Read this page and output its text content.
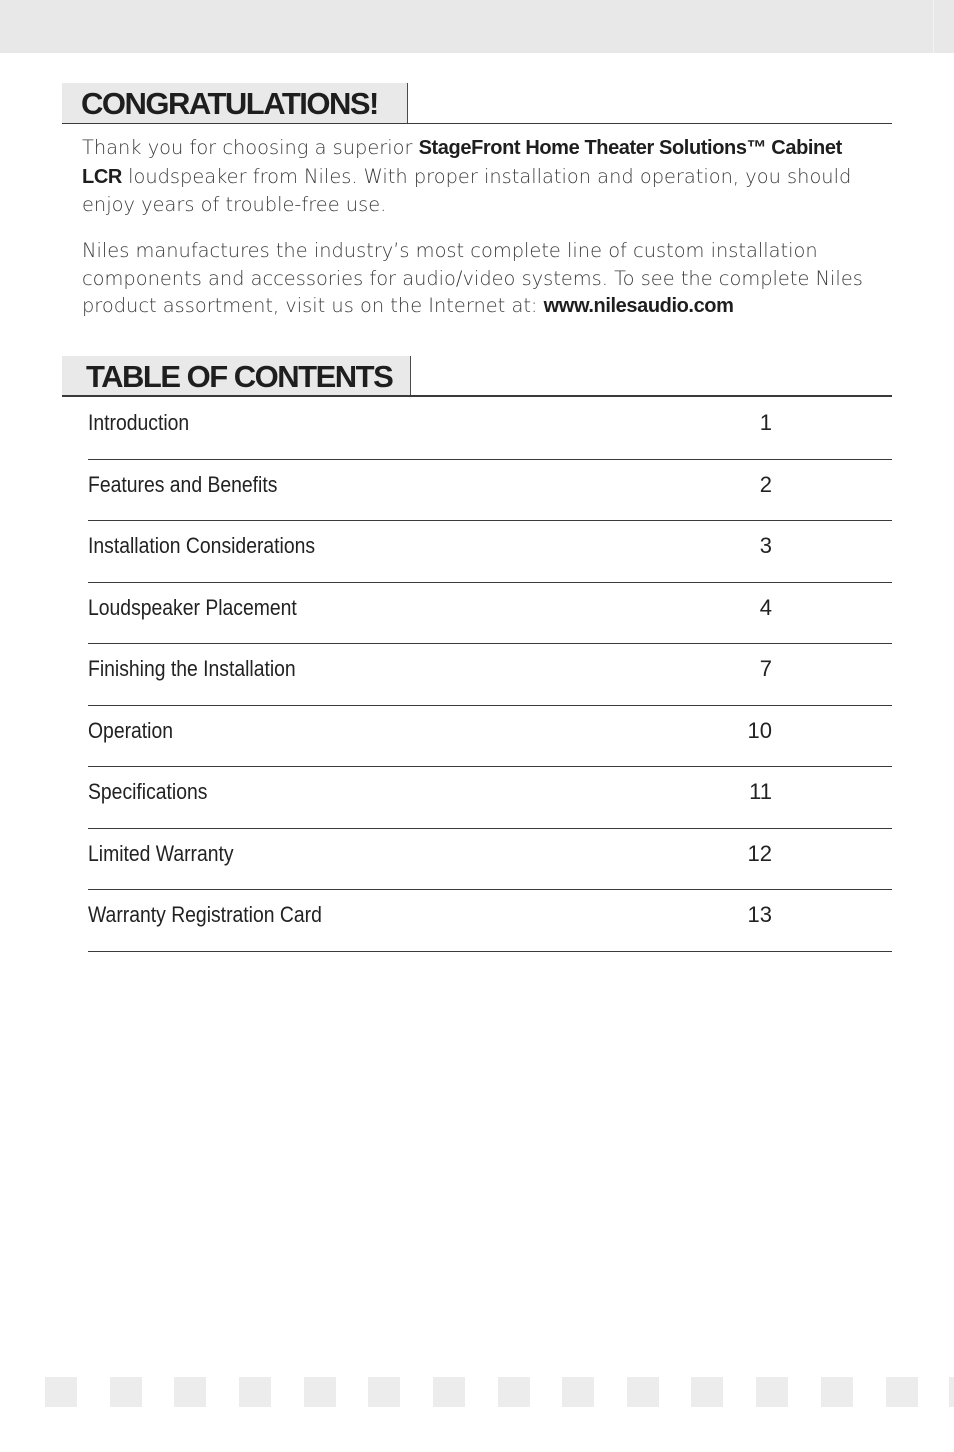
CONGRATULATIONS!

Thank you for choosing a superior StageFront Home Theater Solutions™ Cabinet LCR loudspeaker from Niles. With proper installation and operation, you should enjoy years of trouble-free use.

Niles manufactures the industry’s most complete line of custom installation components and accessories for audio/video systems. To see the complete Niles product assortment, visit us on the Internet at: www.nilesaudio.com

TABLE OF CONTENTS
Introduction	1
Features and Benefits	2
Installation Considerations	3
Loudspeaker Placement	4
Finishing the Installation	7
Operation	10
Specifications	11
Limited Warranty	12
Warranty Registration Card	13
